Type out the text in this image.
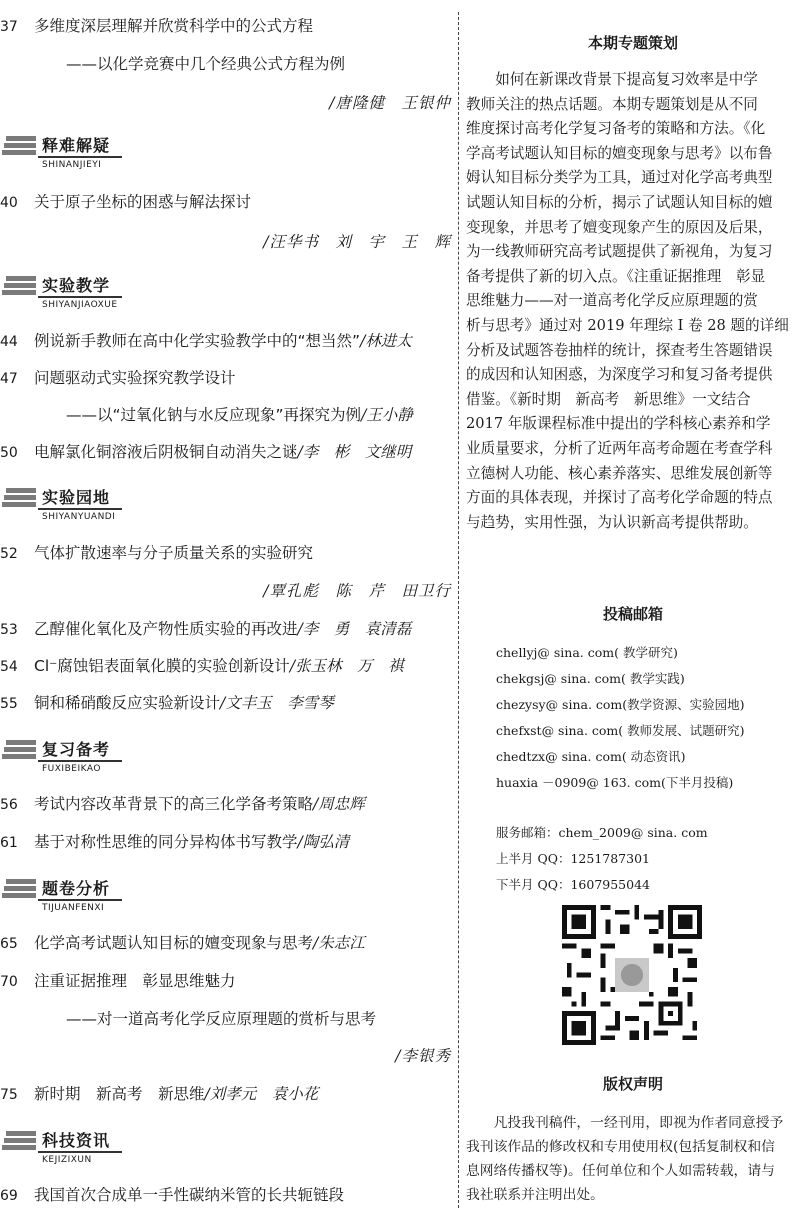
37 多维度深层理解并欣赏科学中的公式方程
——以化学竞赛中几个经典公式方程为例
/唐隆健　王银仲
释难解疑
SHINANJIEYI
40 关于原子坐标的困惑与解法探讨
/汪华书　刘　宇　王　辉
实验教学
SHIYANJIAOXUE
44 例说新手教师在高中化学实验教学中的“想当然”/林进太
47 问题驱动式实验探究教学设计
——以“过氧化钠与水反应现象”再探究为例/王小静
50 电解氯化铜溶液后阴极铜自动消失之谜/李　彬　文继明
实验园地
SHIYANYUANDI
52 气体扩散速率与分子质量关系的实验研究
/覃孔彪　陈　芹　田卫行
53 乙醇催化氧化及产物性质实验的再改进/李　勇　袁清磊
54 Cl⁻腐蚀铝表面氧化膜的实验创新设计/张玉林　万　祺
55 铜和稀硝酸反应实验新设计/文丰玉　李雪琴
复习备考
FUXIBEIKAO
56 考试内容改革背景下的高三化学备考策略/周忠辉
61 基于对称性思维的同分异构体书写教学/陶弘清
题卷分析
TIJUANFENXI
65 化学高考试题认知目标的嬗变现象与思考/朱志江
70 注重证据推理　彰显思维魅力
——对一道高考化学反应原理题的赏析与思考
/李银秀
75 新时期　新高考　新思维/刘孝元　袁小花
科技资讯
KEJIZIXUN
69 我国首次合成单一手性碳纳米管的长共轭链段
本期专题策划
　　如何在新课改背景下提高复习效率是中学
教师关注的热点话题。本期专题策划是从不同
维度探讨高考化学复习备考的策略和方法。《化
学高考试题认知目标的嬗变现象与思考》以布鲁
姆认知目标分类学为工具，通过对化学高考典型
试题认知目标的分析，揭示了试题认知目标的嬗
变现象，并思考了嬗变现象产生的原因及后果，
为一线教师研究高考试题提供了新视角，为复习
备考提供了新的切入点。《注重证据推理　彰显
思维魅力——对一道高考化学反应原理题的赏
析与思考》通过对 2019 年理综 Ⅰ 卷 28 题的详细
分析及试题答卷抽样的统计，探查考生答题错误
的成因和认知困惑，为深度学习和复习备考提供
借鉴。《新时期　新高考　新思维》一文结合
2017 年版课程标准中提出的学科核心素养和学
业质量要求，分析了近两年高考命题在考查学科
立德树人功能、核心素养落实、思维发展创新等
方面的具体表现，并探讨了高考化学命题的特点
与趋势，实用性强，为认识新高考提供帮助。
投稿邮箱
chellyj@ sina. com( 教学研究)
chekgsj@ sina. com( 教学实践)
chezysy@ sina. com(教学资源、实验园地)
chefxst@ sina. com( 教师发展、试题研究)
chedtzx@ sina. com( 动态资讯)
huaxia －0909@ 163. com(下半月投稿)
服务邮箱：chem_2009@ sina. com
上半月 QQ：1251787301
下半月 QQ：1607955044
版权声明
　　凡投我刊稿件，一经刊用，即视为作者同意授予
我刊该作品的修改权和专用使用权(包括复制权和信
息网络传播权等)。任何单位和个人如需转载，请与
我社联系并注明出处。
